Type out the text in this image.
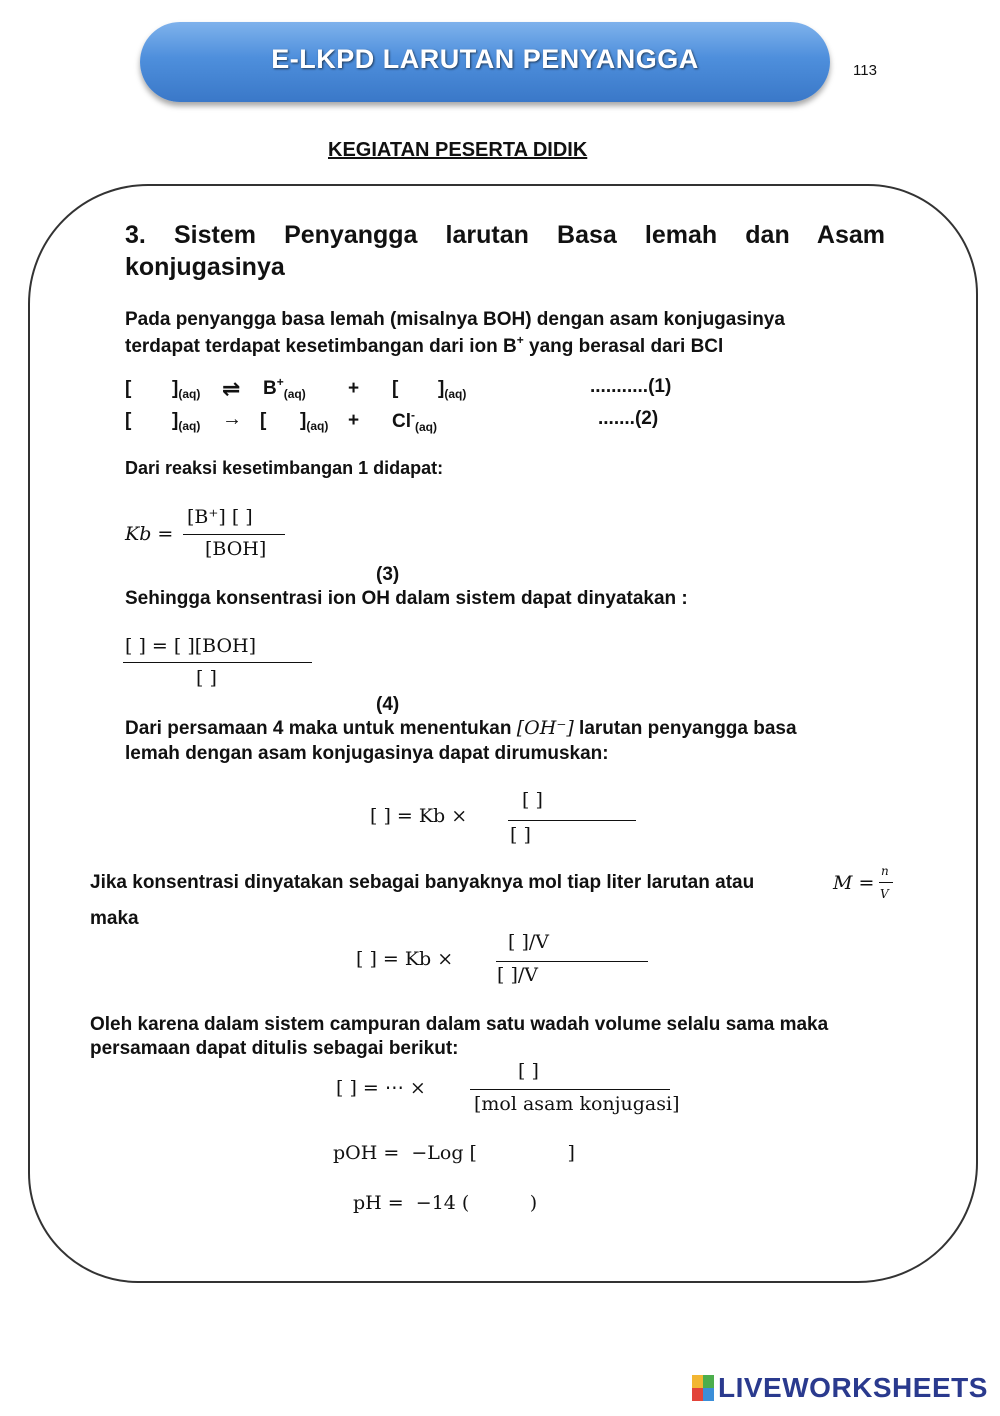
E-LKPD LARUTAN PENYANGGA	113
KEGIATAN PESERTA DIDIK
3. Sistem Penyangga larutan Basa lemah dan Asam konjugasinya
Pada penyangga basa lemah (misalnya BOH) dengan asam konjugasinya
terdapat terdapat kesetimbangan dari ion B+ yang berasal dari BCl
[ ]$_{(aq)}$ ⇌ $B^+_{(aq)}$ + [ ]$_{(aq)}$	...........(1)
[ ]$_{(aq)}$ → [ ]$_{(aq)} + Cl^-_{(aq)}$	.......(2)
Dari reaksi kesetimbangan 1 didapat:
Kb =
[B⁺] [ ]
[BOH]
(3)
Sehingga konsentrasi ion OH dalam sistem dapat dinyatakan :
[ ] = [ ][BOH]
[ ]
(4)
Dari persamaan 4 maka untuk menentukan [OH⁻] larutan penyangga basa
lemah dengan asam konjugasinya dapat dirumuskan:
[ ] = Kb ×
[ ]
[ ]
Jika konsentrasi dinyatakan sebagai banyaknya mol tiap liter larutan atau	M =
n
V
maka
[ ] = Kb ×
[ ]/V
[ ]/V
Oleh karena dalam sistem campuran dalam satu wadah volume selalu sama maka
persamaan dapat ditulis sebagai berikut:
[ ] = ⋯ ×
[ ]
[mol asam konjugasi]
pOH =  −Log [               ]
pH =  −14 (          )
LIVEWORKSHEETS
